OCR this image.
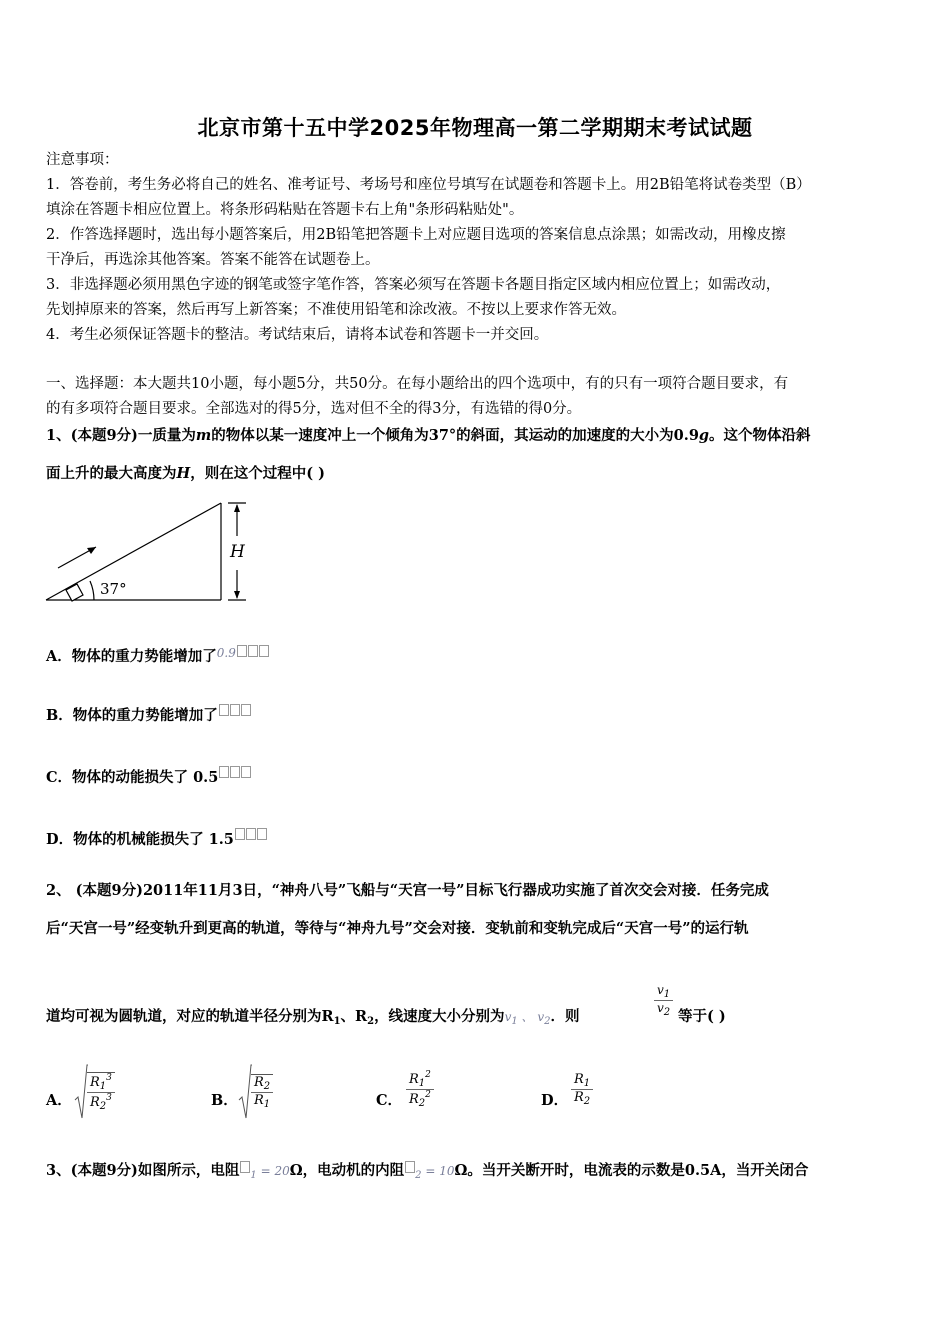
北京市第十五中学2025年物理高一第二学期期末考试试题
注意事项：
1．答卷前，考生务必将自己的姓名、准考证号、考场号和座位号填写在试题卷和答题卡上。用2B铅笔将试卷类型（B）
填涂在答题卡相应位置上。将条形码粘贴在答题卡右上角"条形码粘贴处"。
2．作答选择题时，选出每小题答案后，用2B铅笔把答题卡上对应题目选项的答案信息点涂黑；如需改动，用橡皮擦
干净后，再选涂其他答案。答案不能答在试题卷上。
3．非选择题必须用黑色字迹的钢笔或签字笔作答，答案必须写在答题卡各题目指定区域内相应位置上；如需改动，
先划掉原来的答案，然后再写上新答案；不准使用铅笔和涂改液。不按以上要求作答无效。
4．考生必须保证答题卡的整洁。考试结束后，请将本试卷和答题卡一并交回。
一、选择题：本大题共10小题，每小题5分，共50分。在每小题给出的四个选项中，有的只有一项符合题目要求，有
的有多项符合题目要求。全部选对的得5分，选对但不全的得3分，有选错的得0分。
1、(本题9分)一质量为m的物体以某一速度冲上一个倾角为37°的斜面，其运动的加速度的大小为0.9g。这个物体沿斜
面上升的最大高度为H，则在这个过程中( )
37°
H
A．物体的重力势能增加了$^{0.9}$
B．物体的重力势能增加了
C．物体的动能损失了 0.5
D．物体的机械能损失了 1.5
2、 (本题9分)2011年11月3日，“神舟八号”飞船与“天宫一号”目标飞行器成功实施了首次交会对接．任务完成
后“天宫一号”经变轨升到更高的轨道，等待与“神舟九号”交会对接．变轨前和变轨完成后“天宫一号”的运行轨
道均可视为圆轨道，对应的轨道半径分别为$R_1$、$R_2$，线速度大小分别为$v_1$ 、 $v_2$．则	$\frac{v_1}{v_2}$ 等于( )
A． $\frac{R_1^3}{R_2^3}$	B． $\frac{R_2}{R_1}$	C． $\frac{R_1^2}{R_2^2}$	D． $\frac{R_1}{R_2}$
3、(本题9分)如图所示，电阻 $_1$ = 20Ω，电动机的内阻 $_2$ = 10Ω。当开关断开时，电流表的示数是0.5A，当开关闭合
